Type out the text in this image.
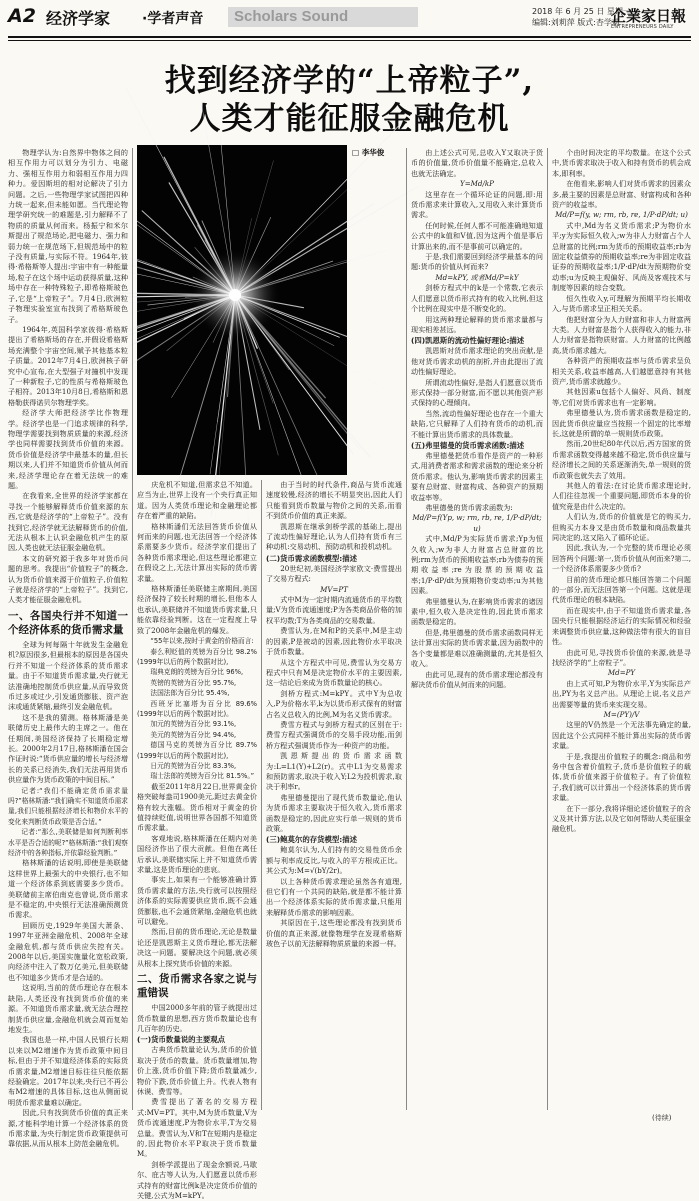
A2 经济学家 ·学者声音	Scholars Sound	2018 年 6 月 25 日 星期一
编辑:刘莉萍 版式:杏学莉
企業家日報
ENTREPRENEURS DAILY
找到经济学的“上帝粒子”,
人类才能征服金融危机
□ 李华俊

物理学认为:自然界中物体之间的相互作用力可以划分为引力、电磁力、强相互作用力和弱相互作用力四种力。爱因斯坦的相对论解决了引力问题。之后,一些物理学家试图把四种力统一起来,但未能如愿。当代理论物理学研究统一的难题是,引力解释不了物质的质量从何而来。杨振宁和米尔斯提出了规范场论,把电磁力、强力和弱力统一在规范场下,但规范场中的粒子没有质量,与实际不符。1964年,彼得·希格斯等人提出:宇宙中有一种能量场,粒子在这个场中运动获得质量,这种场中存在一种特殊粒子,即希格斯玻色子,它是“上帝粒子”。7月4日,欧洲粒子物理实验室宣布找到了希格斯玻色子。

1964年,英国科学家彼得·希格斯提出了希格斯场的存在,并假设希格斯场充满整个宇宙空间,赋予其他基本粒子质量。2012年7月4日,欧洲核子研究中心宣布,在大型强子对撞机中发现了一种新粒子,它的性质与希格斯玻色子相符。2013年10月8日,希格斯和恩格勒获得诺贝尔物理学奖。

经济学大师把经济学比作物理学。经济学也是一门追求规律的科学,物理学需要找到物质质量的来源,经济学也同样需要找到货币价值的来源。货币价值是经济学中最基本的量,但长期以来,人们并不知道货币价值从何而来,经济学理论存在着无法统一的难题。

在我看来,全世界的经济学家都在寻找一个能够解释货币价值来源的东西,它就是经济学的“上帝粒子”。没有找到它,经济学就无法解释货币的价值,无法从根本上认识金融危机产生的原因,人类也就无法征服金融危机。

本文的研究源于我多年对货币问题的思考。我提出“价值粒子”的概念,认为货币价值来源于价值粒子,价值粒子就是经济学的“上帝粒子”。找到它,人类才能征服金融危机。

一、各国央行并不知道一个经济体系的货币需求量

全球为何每隔十年就发生金融危机?原因很多,但最根本的原因是各国央行并不知道一个经济体系的货币需求量。由于不知道货币需求量,央行就无法准确地控制货币供应量,从而导致货币过多或过少,引发通货膨胀、资产泡沫或通货紧缩,最终引发金融危机。

这不是我的猜测。格林斯潘是美联储历史上最伟大的主席之一。他在任期间,美国经济保持了长期稳定增长。2000年2月17日,格林斯潘在国会作证时说:“货币供应量的增长与经济增长的关系已经消失,我们无法再用货币供应量作为货币政策的中间目标。”

记者:“我们不能确定货币需求量吗?”格林斯潘:“我们确实不知道货币需求量,我们只能根据经济增长和物价水平的变化来判断货币政策是否合适。”

记者:“那么,美联储是如何判断利率水平是否合适的呢?”格林斯潘:“我们观察经济中的各种指标,并依靠经验判断。”

格林斯潘的话说明,即使是美联储这样世界上最强大的中央银行,也不知道一个经济体系到底需要多少货币。美联储前主席伯南克也曾说,货币需求是不稳定的,中央银行无法准确预测货币需求。

回顾历史,1929年美国大萧条、1997年亚洲金融危机、2008年全球金融危机,都与货币供应失控有关。2008年以后,美国实施量化宽松政策,向经济中注入了数万亿美元,但美联储也不知道多少货币才是合适的。

这说明,当前的货币理论存在根本缺陷,人类还没有找到货币价值的来源。不知道货币需求量,就无法合理控制货币供应量,金融危机就会周而复始地发生。

我国也是一样,中国人民银行长期以来以M2增速作为货币政策中间目标,但由于并不知道经济体系的实际货币需求量,M2增速目标往往只能依据经验确定。2017年以来,央行已不再公布M2增速的具体目标,这也从侧面说明货币需求量难以确定。

因此,只有找到货币价值的真正来源,才能科学地计算一个经济体系的货币需求量,为央行制定货币政策提供可靠依据,从而从根本上防范金融危机。

庆危机不知道,但需求总不知道。应当为止,世界上没有一个央行真正知道。因为人类货币理论和金融理论都存在着严重的缺陷。

格林斯潘们无法回答货币价值从何而来的问题,也无法回答一个经济体系需要多少货币。经济学家们提出了各种货币需求理论,但这些理论都建立在假设之上,无法计算出实际的货币需求量。

格林斯潘任美联储主席期间,美国经济保持了较长时期的增长,但他本人也承认,美联储并不知道货币需求量,只能依靠经验判断。这在一定程度上导致了2008年金融危机的爆发。

“55年以来,按时于黄金的价格而言:

泰么利贬值的英镑为百分比 98.2%(1999年以后的两个数据对比),

瑞典克朗的英镑为百分比 96%,

英镑的英镑为百分比 95.7%,

法国法郎为百分比 95.4%,

西班牙比塞塔为百分比 89.6%(1999年以后的两个数据对比)。

加元的英镑为百分比 93.1%,

美元的英镑为百分比 94.4%,

德国马克的英镑为百分比 89.7%(1999年以后的两个数据对比),

日元的英镑为百分比 83.3%,

瑞士法郎的英镑为百分比 81.5%。”

截至2011年8月22日,世界黄金价格突破每盎司1900美元,距过去黄金价格有较大涨幅。货币相对于黄金的价值持续贬值,说明世界各国都不知道货币需求量。

客观地说,格林斯潘在任期内对美国经济作出了很大贡献。但他在离任后承认,美联储实际上并不知道货币需求量,这是货币理论的悲哀。

事实上,如果有一个能够准确计算货币需求量的方法,央行就可以按照经济体系的实际需要供应货币,既不会通货膨胀,也不会通货紧缩,金融危机也就可以避免。

然而,目前的货币理论,无论是数量论还是凯恩斯主义货币理论,都无法解决这一问题。要解决这个问题,就必须从根本上探究货币价值的来源。

二、货币需求各家之说与重错误

中国2000多年前的管子就提出过货币数量的思想,西方货币数量论也有几百年的历史。

(一)货币数量说的主要观点

古典货币数量论认为,货币的价值取决于货币的数量。货币数量增加,物价上涨,货币价值下降;货币数量减少,物价下跌,货币价值上升。代表人物有休谟、费雪等。

费雪提出了著名的交易方程式:MV=PT。其中,M为货币数量,V为货币流通速度,P为物价水平,T为交易总量。费雪认为,V和T在短期内是稳定的,因此物价水平P取决于货币数量M。

剑桥学派提出了现金余额说,马歇尔、庇古等人认为,人们愿意以货币形式持有的财富比例k是决定货币价值的关键,公式为M=kPY。

由于当时的时代条件,商品与货币流通速度较慢,经济的增长不明显突出,因此人们只能看到货币数量与物价之间的关系,而看不到货币价值的真正来源。

凯恩斯在继承剑桥学派的基础上,提出了流动性偏好理论,认为人们持有货币有三种动机:交易动机、预防动机和投机动机。

(二)货币需求函数模型:描述

20世纪初,美国经济学家欧文·费雪提出了交易方程式:

MV=PT

式中M为一定时期内流通货币的平均数量;V为货币流通速度;P为各类商品价格的加权平均数;T为各类商品的交易数量。

费雪认为,在M和P的关系中,M是主动的因素,P是被动的因素,因此物价水平取决于货币数量。

从这个方程式中可见,费雪认为交易方程式中只有M是决定物价水平的主要因素,这一结论后来成为货币数量论的核心。

剑桥方程式:M=kPY。式中Y为总收入,P为价格水平,k为以货币形式保有的财富占名义总收入的比例,M为名义货币需求。

费雪方程式与剑桥方程式的区别在于:费雪方程式强调货币的交易手段功能,而剑桥方程式强调货币作为一种资产的功能。

凯恩斯提出的货币需求函数为:L=L1(Y)+L2(r)。式中L1为交易需求和预防需求,取决于收入Y;L2为投机需求,取决于利率r。

弗里德曼提出了现代货币数量论,他认为货币需求主要取决于恒久收入,货币需求函数是稳定的,因此应实行单一规则的货币政策。

(三)鲍莫尔的存货模型:描述

鲍莫尔认为,人们持有的交易性货币余额与利率成反比,与收入的平方根成正比。其公式为:M=√(bY/2r)。

以上各种货币需求理论虽然各有道理,但它们有一个共同的缺陷,就是都不能计算出一个经济体系实际的货币需求量,只能用来解释货币需求的影响因素。

其原因在于,这些理论都没有找到货币价值的真正来源,就像物理学在发现希格斯玻色子以前无法解释物质质量的来源一样。

由上述公式可见,总收入Y又取决于货币的价值量,货币价值量不能确定,总收入也就无法确定。

Y=Md/kP

这里存在一个循环论证的问题,即:用货币需求来计算收入,又用收入来计算货币需求。

任何时候,任何人都不可能准确地知道公式中的k值和V值,因为这两个值是事后计算出来的,而不是事前可以确定的。

于是,我们需要回到经济学最基本的问题:货币的价值从何而来?

Md=kPY, 或者Md/P=kY

剑桥方程式中的k是一个常数,它表示人们愿意以货币形式持有的收入比例,但这个比例在现实中是不断变化的。

用这两种理论解释的货币需求量都与现实相差甚远。

(四)凯恩斯的流动性偏好理论:描述

凯恩斯对货币需求理论的突出贡献,是他对货币需求动机的剖析,并由此提出了流动性偏好理论。

所谓流动性偏好,是指人们愿意以货币形式保持一部分财富,而不愿以其他资产形式保持的心理倾向。

当然,流动性偏好理论也存在一个重大缺陷,它只解释了人们持有货币的动机,而不能计算出货币需求的具体数量。

(五)弗里德曼的货币需求函数:描述

弗里德曼把货币看作是资产的一种形式,用消费者需求和需求函数的理论来分析货币需求。他认为,影响货币需求的因素主要有总财富、财富构成、各种资产的预期收益率等。

弗里德曼的货币需求函数为:

Md/P=f(Yp, w; rm, rb, re, 1/P·dP/dt; u)

式中,Md/P为实际货币需求;Yp为恒久收入;w为非人力财富占总财富的比例;rm为货币的预期收益率;rb为债券的预期收益率;re为股票的预期收益率;1/P·dP/dt为预期物价变动率;u为其他因素。

弗里德曼认为,在影响货币需求的诸因素中,恒久收入是决定性的,因此货币需求函数是稳定的。

但是,弗里德曼的货币需求函数同样无法计算出实际的货币需求量,因为函数中的各个变量都是难以准确测量的,尤其是恒久收入。

由此可见,现有的货币需求理论都没有解决货币价值从何而来的问题。

个由时间决定的平均数量。在这个公式中,货币需求取决于收入和持有货币的机会成本,即利率。

在他看来,影响人们对货币需求的因素众多,最主要的因素是总财富、财富构成和各种资产的收益率。

Md/P=f(y, w; rm, rb, re, 1/P·dP/dt; u)

式中,Md为名义货币需求;P为物价水平;y为实际恒久收入;w为非人力财富占个人总财富的比例;rm为货币的预期收益率;rb为固定收益债券的预期收益率;re为非固定收益证券的预期收益率;1/P·dP/dt为预期物价变动率;u为反映主观偏好、风尚及客观技术与制度等因素的综合变数。

恒久性收入y,可理解为预期平均长期收入,与货币需求呈正相关关系。

他把财富分为人力财富和非人力财富两大类。人力财富是指个人获得收入的能力,非人力财富是指物质财富。人力财富的比例越高,货币需求越大。

各种资产的预期收益率与货币需求呈负相关关系,收益率越高,人们越愿意持有其他资产,货币需求就越少。

其他因素u包括个人偏好、风尚、制度等,它们对货币需求也有一定影响。

弗里德曼认为,货币需求函数是稳定的,因此货币供应量应当按照一个固定的比率增长,这就是所谓的单一规则货币政策。

然而,20世纪80年代以后,西方国家的货币需求函数变得越来越不稳定,货币供应量与经济增长之间的关系逐渐消失,单一规则的货币政策也就失去了效用。

其他人的看法:在讨论货币需求理论时,人们往往忽视一个重要问题,即货币本身的价值究竟是由什么决定的。

人们认为,货币的价值就是它的购买力,但购买力本身又是由货币数量和商品数量共同决定的,这又陷入了循环论证。

因此,我认为,一个完整的货币理论必须回答两个问题:第一,货币价值从何而来?第二,一个经济体系需要多少货币?

目前的货币理论都只能回答第二个问题的一部分,而无法回答第一个问题。这就是现代货币理论的根本缺陷。

而在现实中,由于不知道货币需求量,各国央行只能根据经济运行的实际情况和经验来调整货币供应量,这种做法带有很大的盲目性。

由此可见,寻找货币价值的来源,就是寻找经济学的“上帝粒子”。

Md=PY

由上式可知,P为物价水平,Y为实际总产出,PY为名义总产出。从理论上说,名义总产出需要等量的货币来实现交易。

M=(PY)/V

这里的V仍然是一个无法事先确定的量,因此这个公式同样不能计算出实际的货币需求量。

于是,我提出价值粒子的概念:商品和劳务中包含着价值粒子,货币是价值粒子的载体,货币价值来源于价值粒子。有了价值粒子,我们就可以计算出一个经济体系的货币需求量。

在下一部分,我将详细论述价值粒子的含义及其计算方法,以及它如何帮助人类征服金融危机。

(待续)
